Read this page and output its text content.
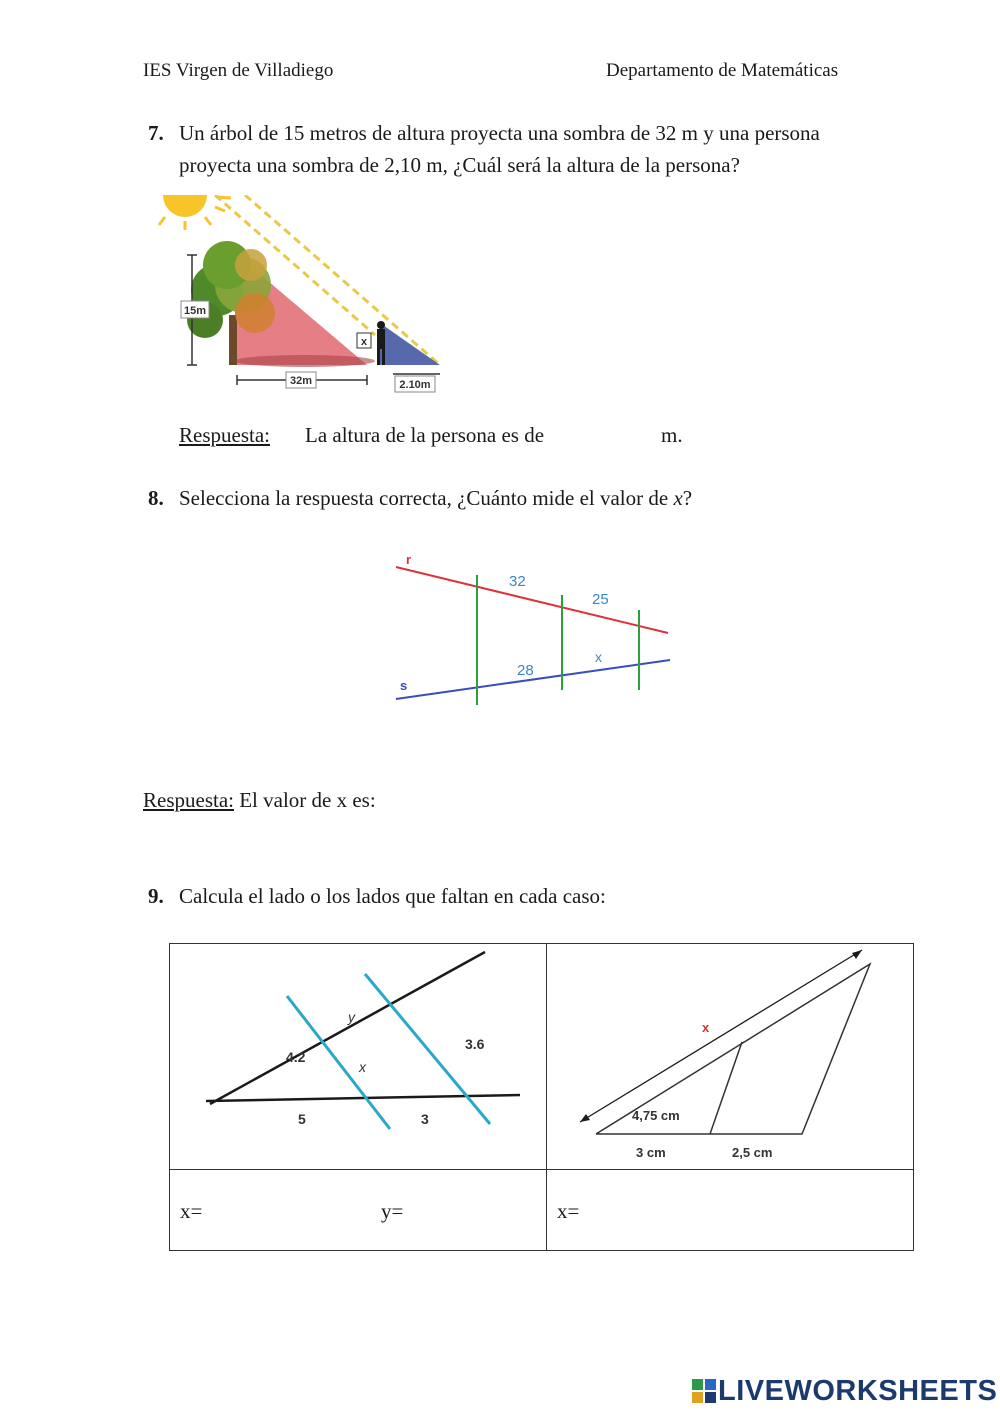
IES Virgen de Villadiego	Departamento de Matemáticas
7. Un árbol de 15 metros de altura proyecta una sombra de 32 m y una persona
proyecta una sombra de 2,10 m, ¿Cuál será la altura de la persona?
15m
32m
x
2.10m
Respuesta: La altura de la persona es de	m.
8. Selecciona la respuesta correcta, ¿Cuánto mide el valor de x?
r
s
32
25
28
x
Respuesta: El valor de x es:
9. Calcula el lado o los lados que faltan en cada caso:
4.2
y
x
3.6
5	3
x
4,75 cm
3 cm	2,5 cm
x=	y=	x=
LIVEWORKSHEETS
